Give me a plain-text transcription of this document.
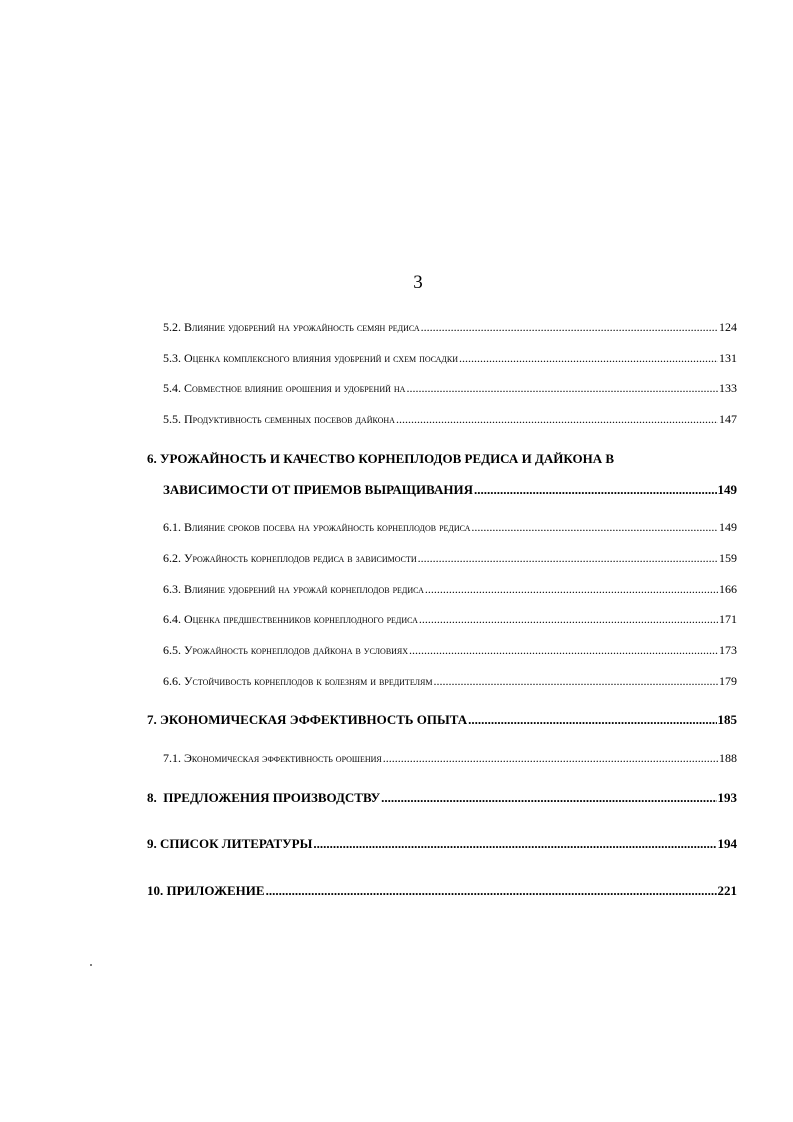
3
5.2. Влияние удобрений на урожайность семян редиса .....	124
5.3. Оценка комплексного влияния удобрений и схем посадки .....	131
5.4. Совместное влияние орошения и удобрений на .....	133
5.5. Продуктивность семенных посевов дайкона .....	147
6. УРОЖАЙНОСТЬ И КАЧЕСТВО КОРНЕПЛОДОВ РЕДИСА И ДАЙКОНА В
ЗАВИСИМОСТИ ОТ ПРИЕМОВ ВЫРАЩИВАНИЯ .....	149
6.1. Влияние сроков посева на урожайность корнеплодов редиса .....	149
6.2. Урожайность корнеплодов редиса в зависимости .....	159
6.3. Влияние удобрений на урожай корнеплодов редиса .....	166
6.4. Оценка предшественников корнеплодного редиса .....	171
6.5. Урожайность корнеплодов дайкона в условиях .....	173
6.6. Устойчивость корнеплодов к болезням и вредителям .....	179
7. ЭКОНОМИЧЕСКАЯ ЭФФЕКТИВНОСТЬ ОПЫТА .....	185
7.1. Экономическая эффективность орошения .....	188
8.  ПРЕДЛОЖЕНИЯ ПРОИЗВОДСТВУ .....	193
9. СПИСОК ЛИТЕРАТУРЫ .....	194
10. ПРИЛОЖЕНИЕ .....	221
